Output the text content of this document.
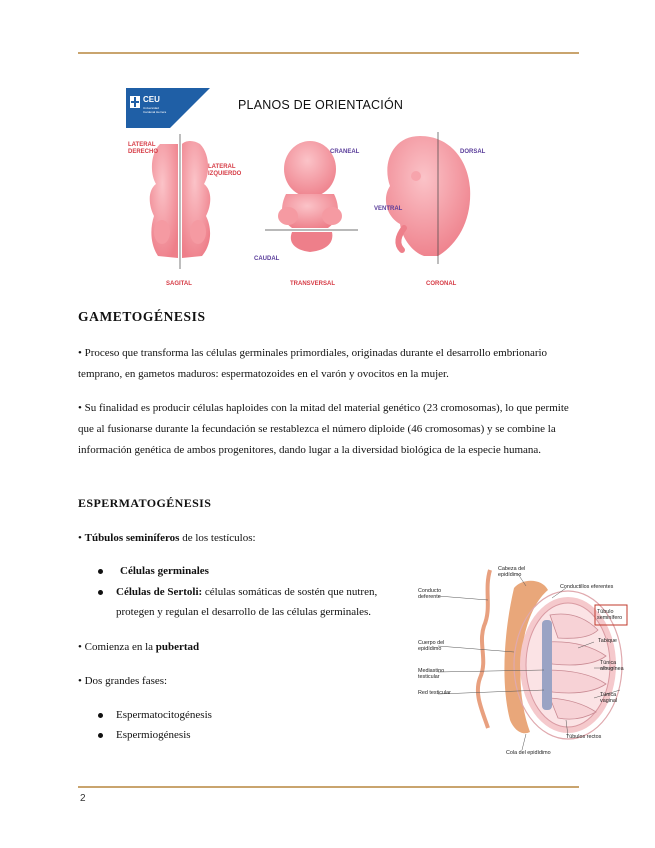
CEU
Universidad
Cardenal Herrera	PLANOS DE ORIENTACIÓN
LATERAL DERECHO
LATERAL IZQUIERDO
CRANEAL
CAUDAL
VENTRAL
DORSAL
SAGITAL	TRANSVERSAL	CORONAL
GAMETOGÉNESIS
• Proceso que transforma las células germinales primordiales, originadas durante el desarrollo embrionario temprano, en gametos maduros: espermatozoides en el varón y ovocitos en la mujer.
• Su finalidad es producir células haploides con la mitad del material genético (23 cromosomas), lo que permite que al fusionarse durante la fecundación se restablezca el número diploide (46 cromosomas) y se combine la información genética de ambos progenitores, dando lugar a la diversidad biológica de la especie humana.
ESPERMATOGÉNESIS
• Túbulos seminíferos de los testículos:
Células germinales
Células de Sertoli: células somáticas de sostén que nutren,
protegen y regulan el desarrollo de las células germinales.
• Comienza en la pubertad
• Dos grandes fases:
Espermatocitogénesis
Espermiogénesis
Cabeza del epidídimo
Conductillos eferentes
Conducto deferente
Túbulo seminífero
Tabique
Cuerpo del epidídimo
Túnica albugínea
Mediastino testicular
Red testicular	Túnica vaginal
Túbulos rectos
Cola del epidídimo
2
